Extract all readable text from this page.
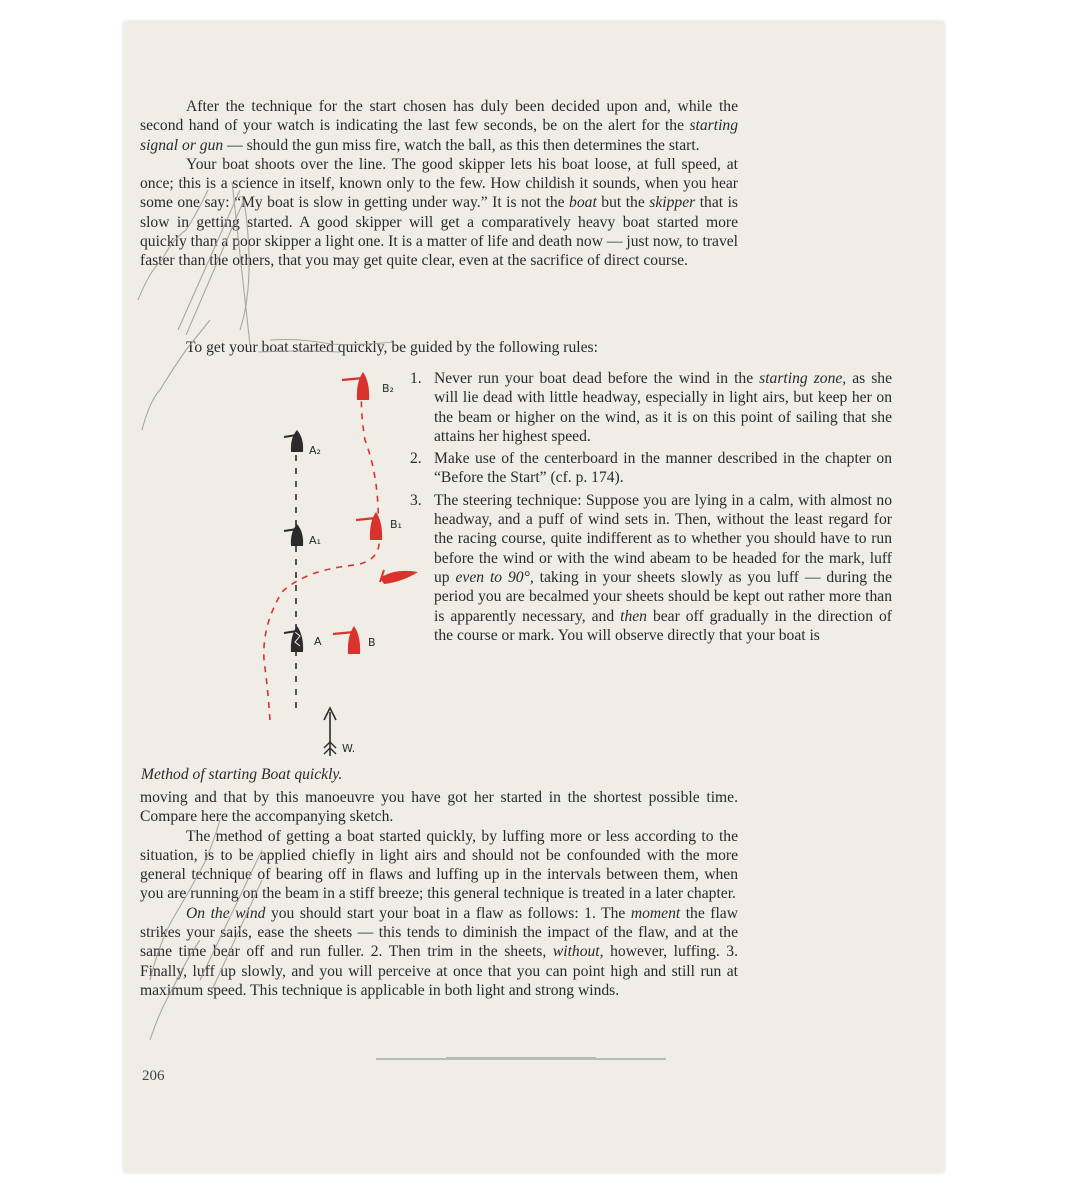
After the technique for the start chosen has duly been decided upon and, while the second hand of your watch is indicating the last few seconds, be on the alert for the starting signal or gun — should the gun miss fire, watch the ball, as this then determines the start.

Your boat shoots over the line. The good skipper lets his boat loose, at full speed, at once; this is a science in itself, known only to the few. How childish it sounds, when you hear some one say: “My boat is slow in getting under way.” It is not the boat but the skipper that is slow in getting started. A good skipper will get a comparatively heavy boat started more quickly than a poor skipper a light one. It is a matter of life and death now — just now, to travel faster than the others, that you may get quite clear, even at the sacrifice of direct course.

To get your boat started quickly, be guided by the following rules:
A₂
A₁
A
B₂
B₁
B
W.
Method of starting Boat quickly.

1. Never run your boat dead before the wind in the starting zone, as she will lie dead with little headway, especially in light airs, but keep her on the beam or higher on the wind, as it is on this point of sailing that she attains her highest speed.

2. Make use of the centerboard in the manner described in the chapter on “Before the Start” (cf. p. 174).

3. The steering technique: Suppose you are lying in a calm, with almost no headway, and a puff of wind sets in. Then, without the least regard for the racing course, quite indifferent as to whether you should have to run before the wind or with the wind abeam to be headed for the mark, luff up even to 90°, taking in your sheets slowly as you luff — during the period you are becalmed your sheets should be kept out rather more than is apparently necessary, and then bear off gradually in the direction of the course or mark. You will observe directly that your boat is

moving and that by this manoeuvre you have got her started in the shortest possible time. Compare here the accompanying sketch.

The method of getting a boat started quickly, by luffing more or less according to the situation, is to be applied chiefly in light airs and should not be confounded with the more general technique of bearing off in flaws and luffing up in the intervals between them, when you are running on the beam in a stiff breeze; this general technique is treated in a later chapter.

On the wind you should start your boat in a flaw as follows: 1. The moment the flaw strikes your sails, ease the sheets — this tends to diminish the impact of the flaw, and at the same time bear off and run fuller. 2. Then trim in the sheets, without, however, luffing. 3. Finally, luff up slowly, and you will perceive at once that you can point high and still run at maximum speed. This technique is applicable in both light and strong winds.

206
